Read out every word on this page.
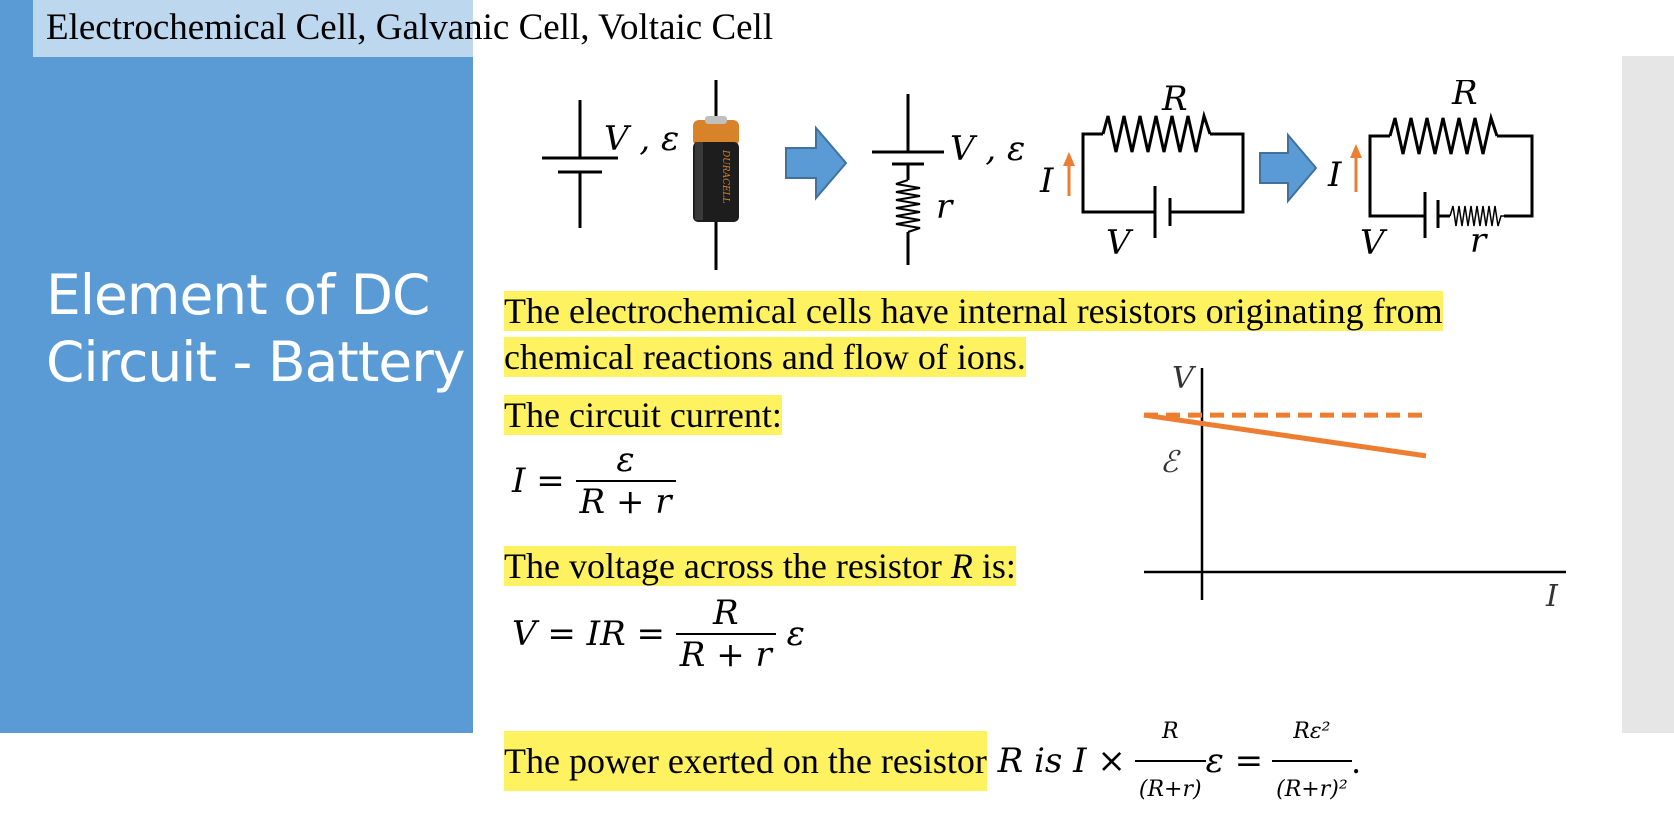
Electrochemical Cell, Galvanic Cell, Voltaic Cell
Element of DC Circuit - Battery
V , ε
DURACELL
V , ε
r
R
I
V
R
I
V	r
The electrochemical cells have internal resistors originating from
chemical reactions and flow of ions.
The circuit current:
$I = \frac{\varepsilon}{R + r}$
The voltage across the resistor R is:
V = IR = $\frac{R}{R + r}$ ε
The power exerted on the resistor R is $I \times \frac{R}{(R+r)}$ $\varepsilon = \frac{\text{Rε²}}{\text{(R+r)²}}$ .
V
I
ℰ
